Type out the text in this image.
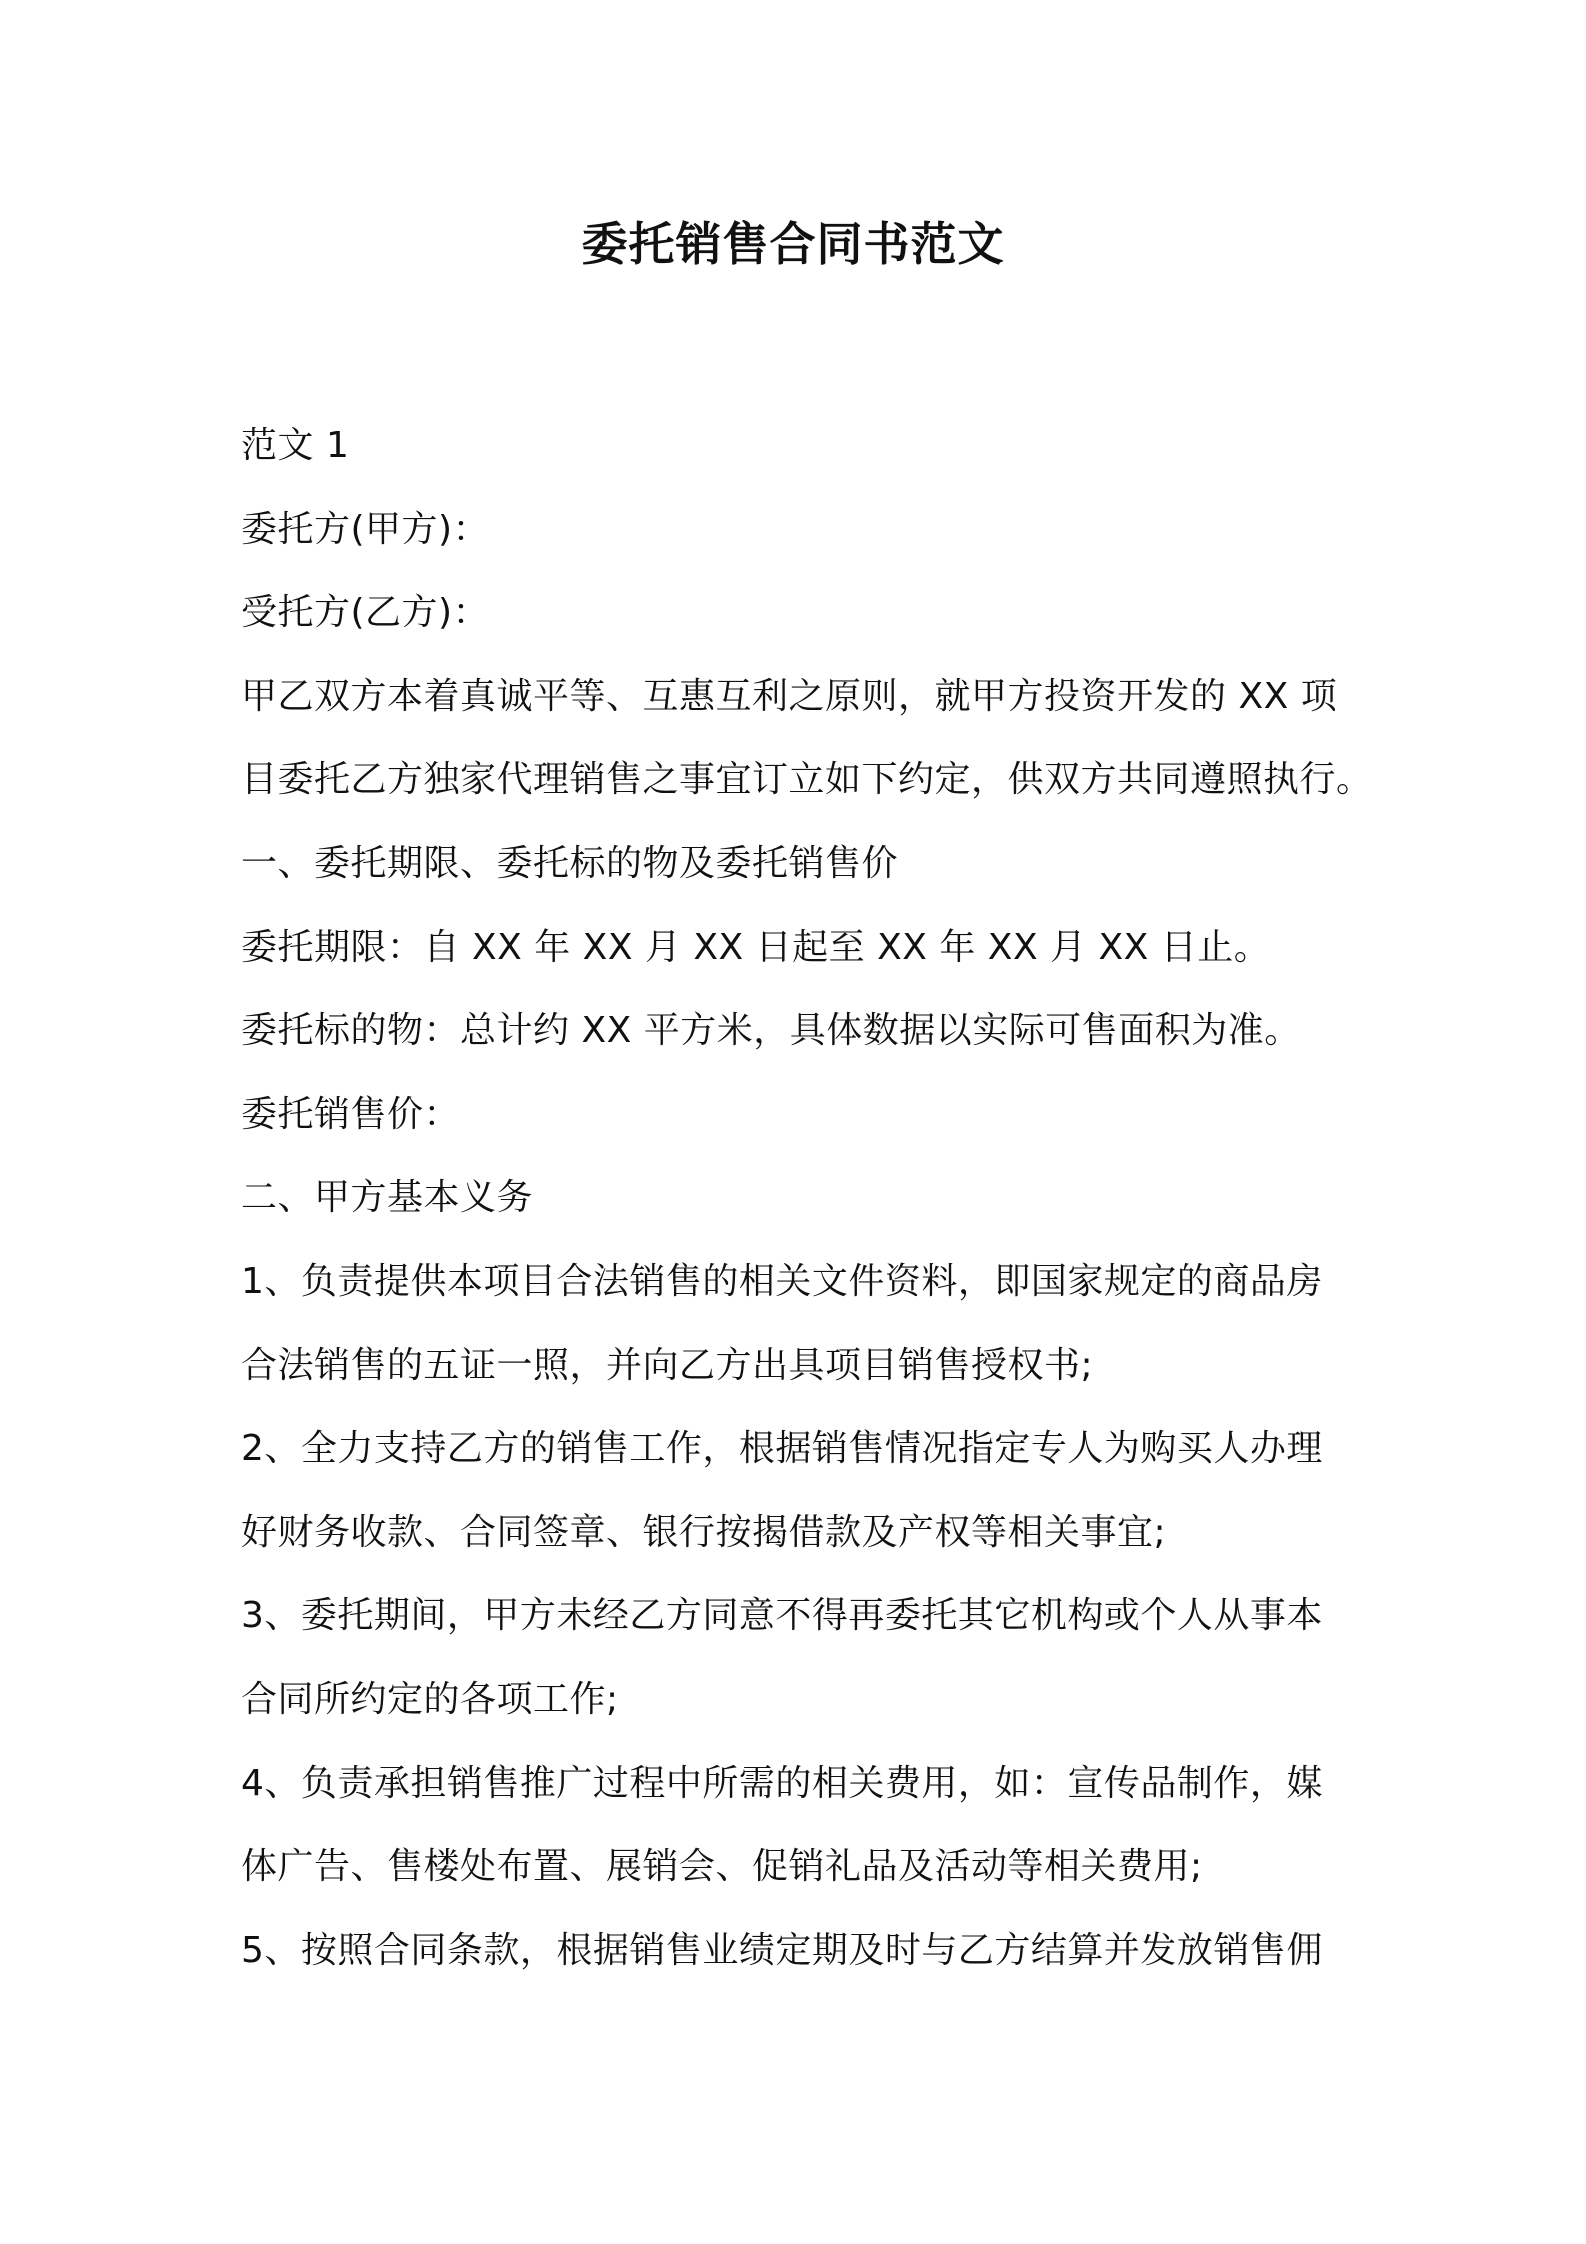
委托销售合同书范文
范文 1
委托方(甲方)：
受托方(乙方)：
甲乙双方本着真诚平等、互惠互利之原则，就甲方投资开发的 XX 项
目委托乙方独家代理销售之事宜订立如下约定，供双方共同遵照执行。
一、委托期限、委托标的物及委托销售价
委托期限：自 XX 年 XX 月 XX 日起至 XX 年 XX 月 XX 日止。
委托标的物：总计约 XX 平方米，具体数据以实际可售面积为准。
委托销售价：
二、甲方基本义务
1、负责提供本项目合法销售的相关文件资料，即国家规定的商品房
合法销售的五证一照，并向乙方出具项目销售授权书;
2、全力支持乙方的销售工作，根据销售情况指定专人为购买人办理
好财务收款、合同签章、银行按揭借款及产权等相关事宜;
3、委托期间，甲方未经乙方同意不得再委托其它机构或个人从事本
合同所约定的各项工作;
4、负责承担销售推广过程中所需的相关费用，如：宣传品制作，媒
体广告、售楼处布置、展销会、促销礼品及活动等相关费用;
5、按照合同条款，根据销售业绩定期及时与乙方结算并发放销售佣
